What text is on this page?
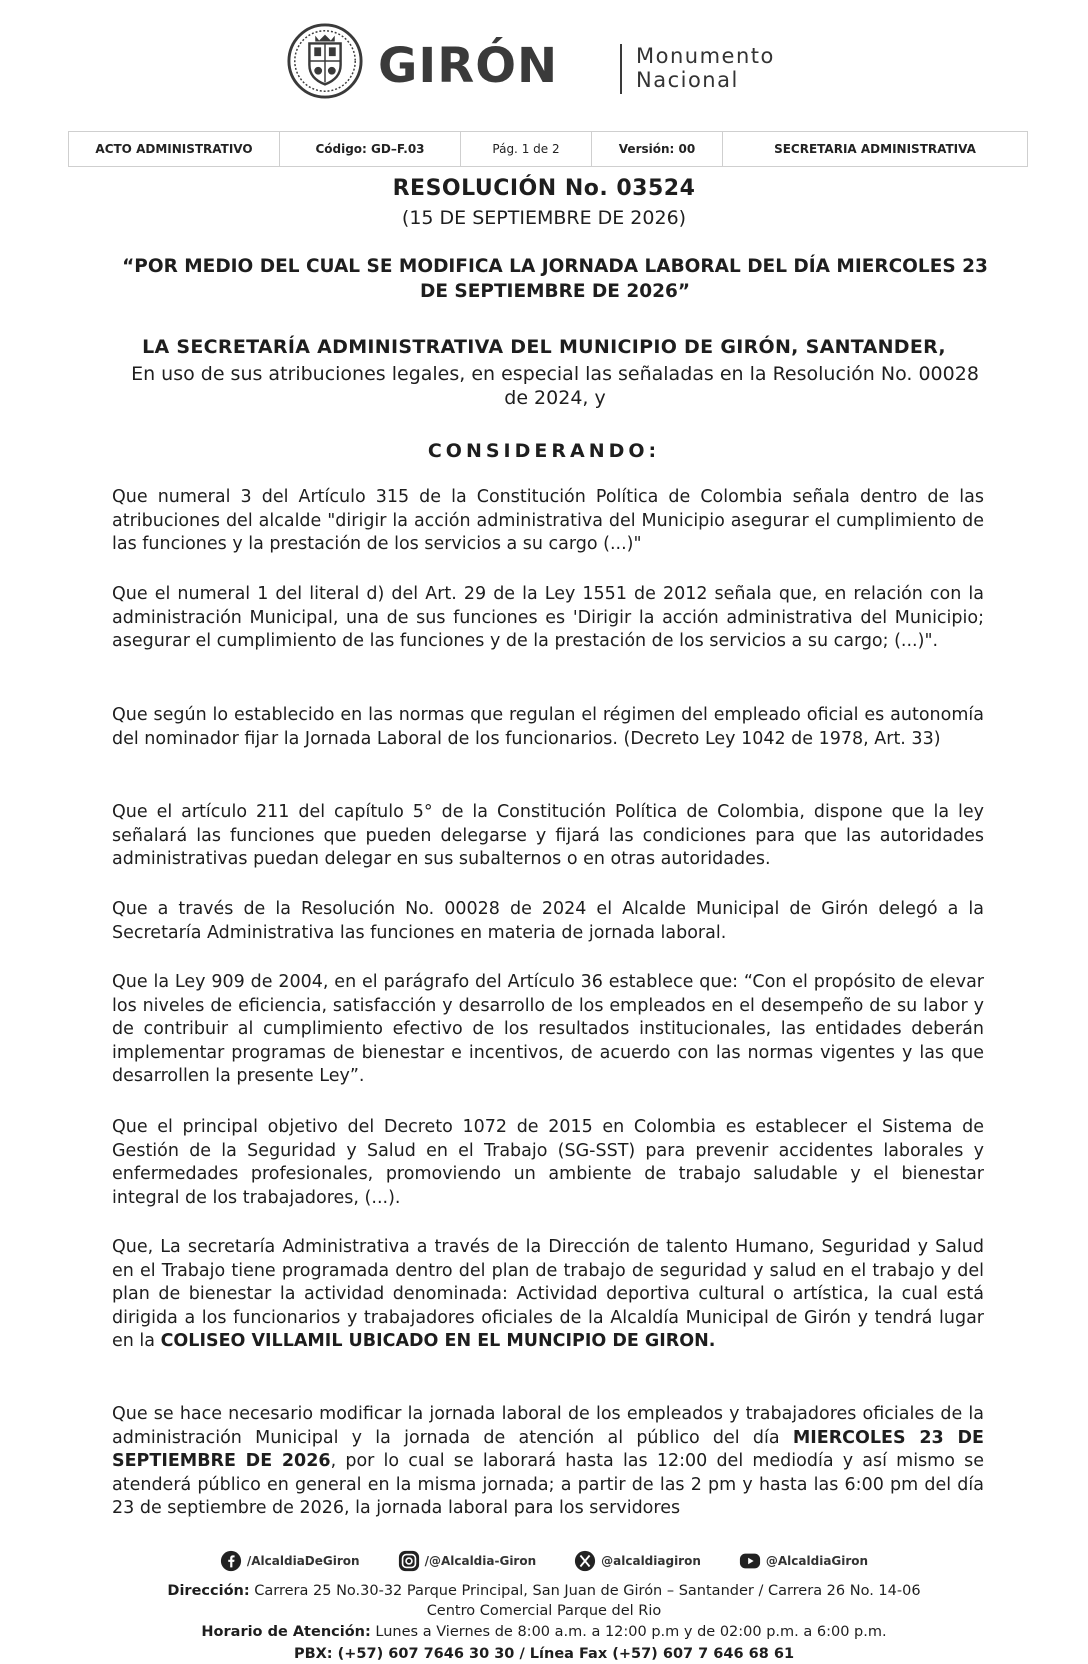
GIRÓN	Monumento
Nacional
ACTO ADMINISTRATIVO	Código: GD–F.03	Pág. 1 de 2	Versión: 00	SECRETARIA ADMINISTRATIVA
RESOLUCIÓN No. 03524
(15 DE SEPTIEMBRE DE 2026)
“POR MEDIO DEL CUAL SE MODIFICA LA JORNADA LABORAL DEL DÍA MIERCOLES 23 DE SEPTIEMBRE DE 2026”
LA SECRETARÍA ADMINISTRATIVA DEL MUNICIPIO DE GIRÓN, SANTANDER,
En uso de sus atribuciones legales, en especial las señaladas en la Resolución No. 00028 de 2024, y
CONSIDERANDO:
Que numeral 3 del Artículo 315 de la Constitución Política de Colombia señala dentro de las atribuciones del alcalde "dirigir la acción administrativa del Municipio asegurar el cumplimiento de las funciones y la prestación de los servicios a su cargo (...)"
Que el numeral 1 del literal d) del Art. 29 de la Ley 1551 de 2012 señala que, en relación con la administración Municipal, una de sus funciones es 'Dirigir la acción administrativa del Municipio; asegurar el cumplimiento de las funciones y de la prestación de los servicios a su cargo; (...)".
Que según lo establecido en las normas que regulan el régimen del empleado oficial es autonomía del nominador fijar la Jornada Laboral de los funcionarios. (Decreto Ley 1042 de 1978, Art. 33)
Que el artículo 211 del capítulo 5° de la Constitución Política de Colombia, dispone que la ley señalará las funciones que pueden delegarse y fijará las condiciones para que las autoridades administrativas puedan delegar en sus subalternos o en otras autoridades.
Que a través de la Resolución No. 00028 de 2024 el Alcalde Municipal de Girón delegó a la Secretaría Administrativa las funciones en materia de jornada laboral.
Que la Ley 909 de 2004, en el parágrafo del Artículo 36 establece que: “Con el propósito de elevar los niveles de eficiencia, satisfacción y desarrollo de los empleados en el desempeño de su labor y de contribuir al cumplimiento efectivo de los resultados institucionales, las entidades deberán implementar programas de bienestar e incentivos, de acuerdo con las normas vigentes y las que desarrollen la presente Ley”.
Que el principal objetivo del Decreto 1072 de 2015 en Colombia es establecer el Sistema de Gestión de la Seguridad y Salud en el Trabajo (SG-SST) para prevenir accidentes laborales y enfermedades profesionales, promoviendo un ambiente de trabajo saludable y el bienestar integral de los trabajadores, (...).
Que, La secretaría Administrativa a través de la Dirección de talento Humano, Seguridad y Salud en el Trabajo tiene programada dentro del plan de trabajo de seguridad y salud en el trabajo y del plan de bienestar la actividad denominada: Actividad deportiva cultural o artística, la cual está dirigida a los funcionarios y trabajadores oficiales de la Alcaldía Municipal de Girón y tendrá lugar en la COLISEO VILLAMIL UBICADO EN EL MUNCIPIO DE GIRON.
Que se hace necesario modificar la jornada laboral de los empleados y trabajadores oficiales de la administración Municipal y la jornada de atención al público del día MIERCOLES 23 DE SEPTIEMBRE DE 2026, por lo cual se laborará hasta las 12:00 del mediodía y así mismo se atenderá público en general en la misma jornada; a partir de las 2 pm y hasta las 6:00 pm del día 23 de septiembre de 2026, la jornada laboral para los servidores
/AlcaldiaDeGiron	/@Alcaldia-Giron	@alcaldiagiron	@AlcaldiaGiron
Dirección: Carrera 25 No.30-32 Parque Principal, San Juan de Girón – Santander / Carrera 26 No. 14-06
Centro Comercial Parque del Rio
Horario de Atención: Lunes a Viernes de 8:00 a.m. a 12:00 p.m y de 02:00 p.m. a 6:00 p.m.
PBX: (+57) 607 7646 30 30 / Línea Fax (+57) 607 7 646 68 61
